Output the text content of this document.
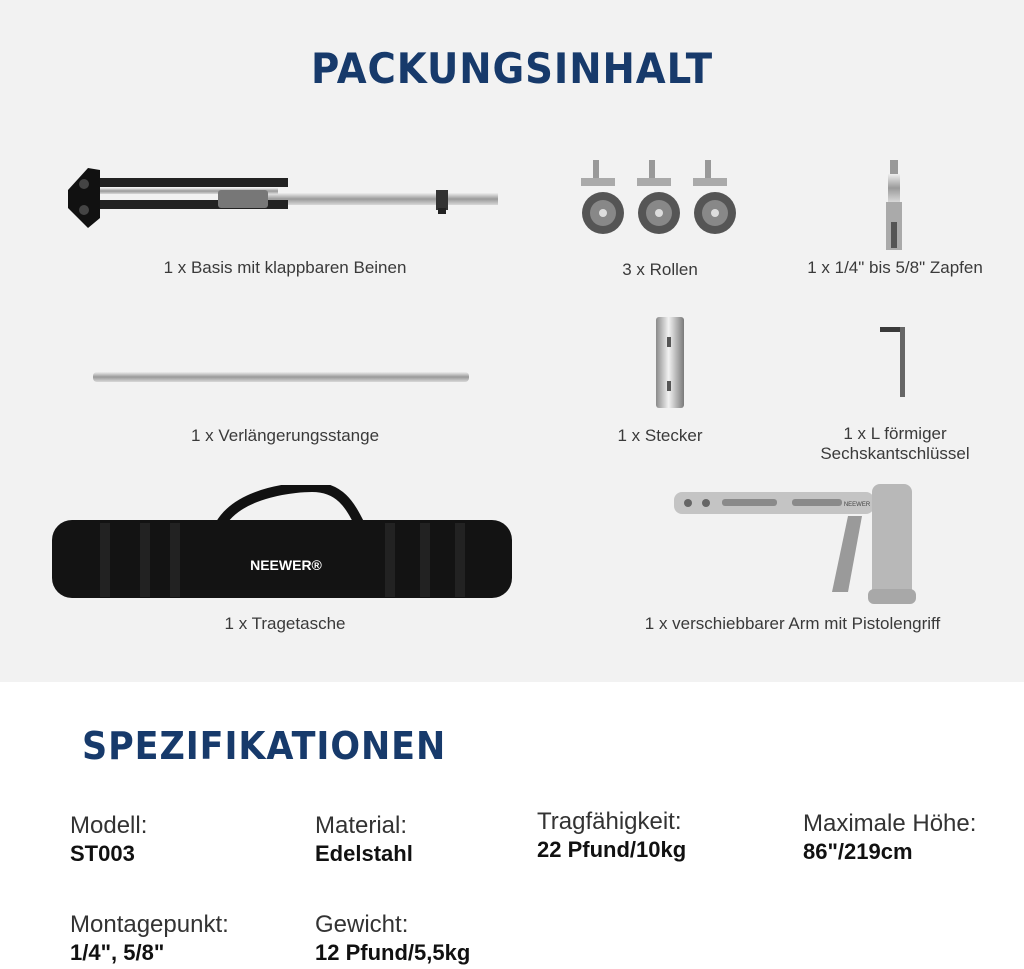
PACKUNGSINHALT
1 x Basis mit klappbaren Beinen	3 x Rollen	1 x 1/4" bis 5/8" Zapfen
1 x Verlängerungsstange	1 x Stecker	1 x L förmiger
Sechskantschlüssel
NEEWER®
1 x Tragetasche
NEEWER
1 x verschiebbarer Arm mit Pistolengriff
SPEZIFIKATIONEN
Modell:
ST003
Material:
Edelstahl
Tragfähigkeit:
22 Pfund/10kg
Maximale Höhe:
86"/219cm
Montagepunkt:
1/4", 5/8"
Gewicht:
12 Pfund/5,5kg
